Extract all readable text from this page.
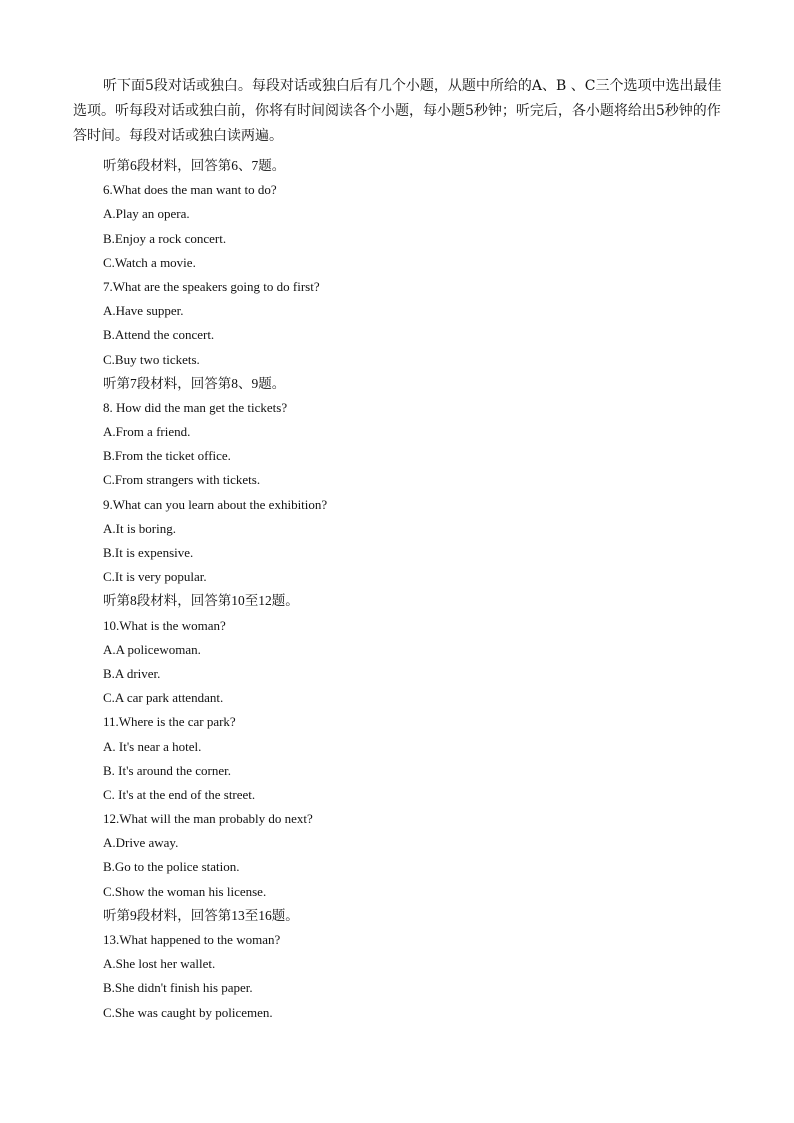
听下面5段对话或独白。每段对话或独白后有几个小题，从题中所给的A、B 、C三个选项中选出最佳选项。听每段对话或独白前，你将有时间阅读各个小题，每小题5秒钟；听完后，各小题将给出5秒钟的作答时间。每段对话或独白读两遍。

听第6段材料，回答第6、7题。
6.What does the man want to do?
A.Play an opera.
B.Enjoy a rock concert.
C.Watch a movie.
7.What are the speakers going to do first?
A.Have supper.
B.Attend the concert.
C.Buy two tickets.
听第7段材料，回答第8、9题。
8. How did the man get the tickets?
A.From a friend.
B.From the ticket office.
C.From strangers with tickets.
9.What can you learn about the exhibition?
A.It is boring.
B.It is expensive.
C.It is very popular.
听第8段材料，回答第10至12题。
10.What is the woman?
A.A policewoman.
B.A driver.
C.A car park attendant.
11.Where is the car park?
A. It's near a hotel.
B. It's around the corner.
C. It's at the end of the street.
12.What will the man probably do next?
A.Drive away.
B.Go to the police station.
C.Show the woman his license.
听第9段材料，回答第13至16题。
13.What happened to the woman?
A.She lost her wallet.
B.She didn't finish his paper.
C.She was caught by policemen.
